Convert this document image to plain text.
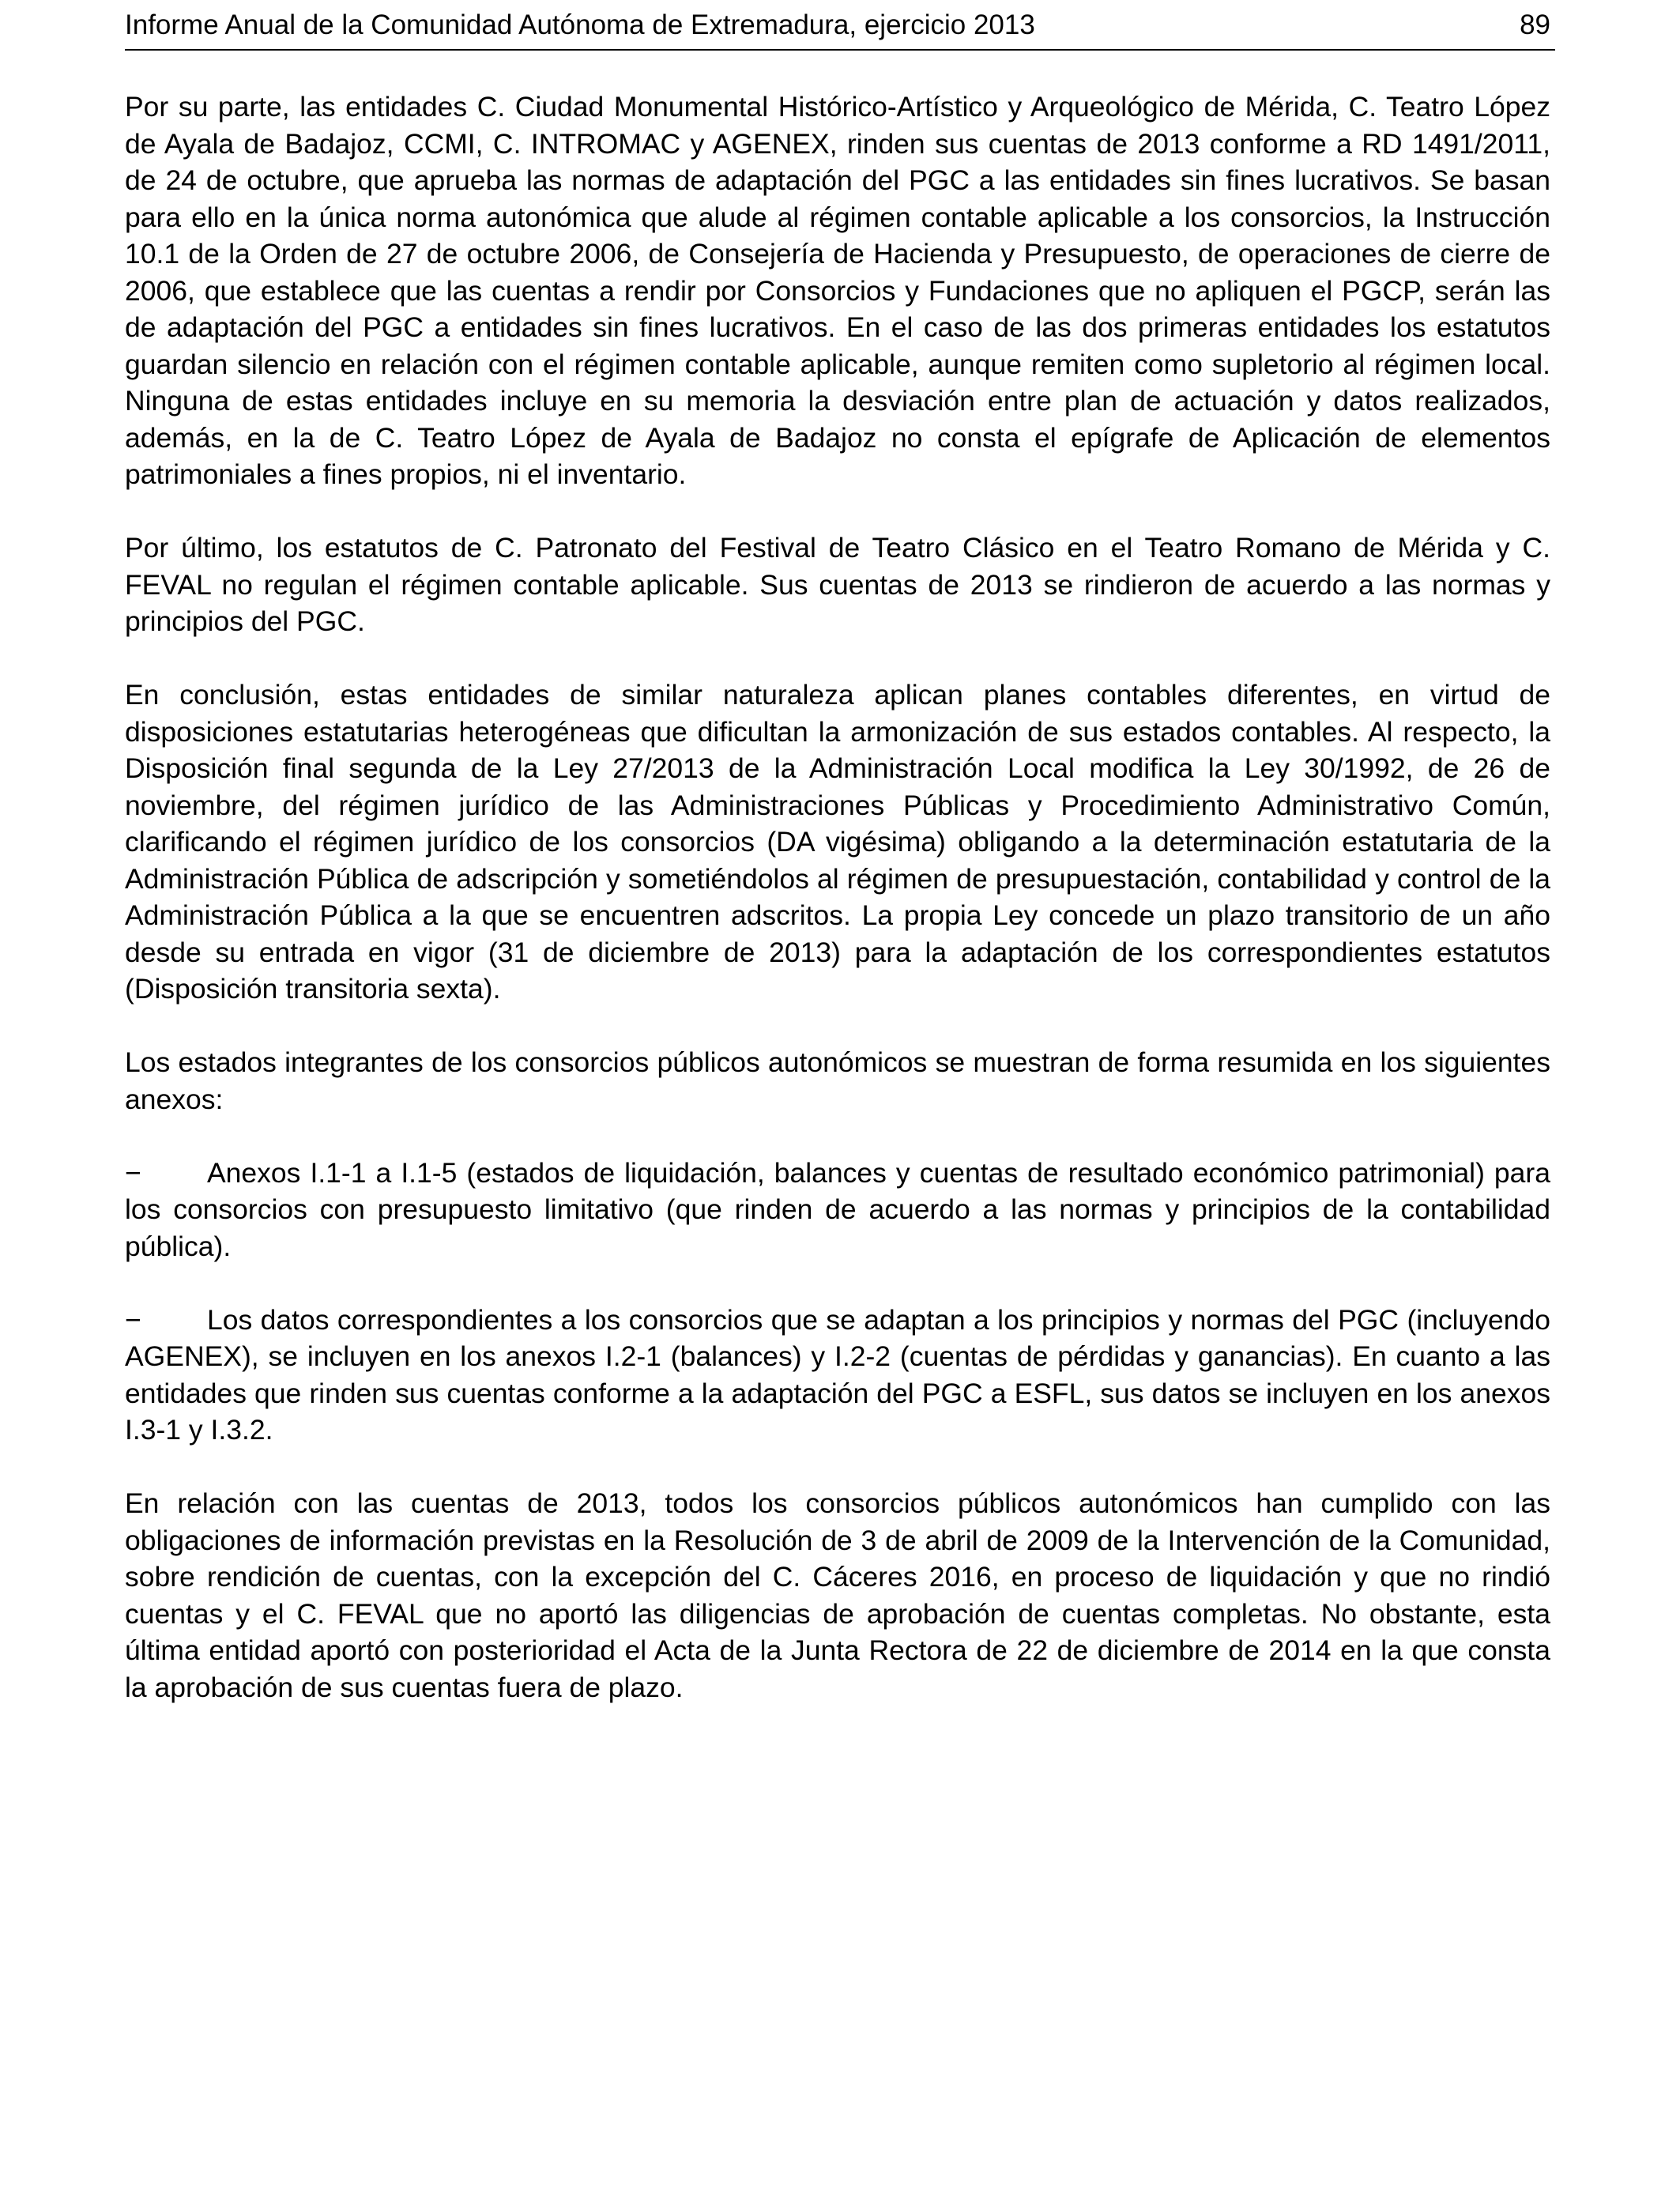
Informe Anual de la Comunidad Autónoma de Extremadura, ejercicio 2013	89

Por su parte, las entidades C. Ciudad Monumental Histórico-Artístico y Arqueológico de Mérida, C. Teatro López de Ayala de Badajoz, CCMI, C. INTROMAC y AGENEX, rinden sus cuentas de 2013 conforme a RD 1491/2011, de 24 de octubre, que aprueba las normas de adaptación del PGC a las entidades sin fines lucrativos. Se basan para ello en la única norma autonómica que alude al régimen contable aplicable a los consorcios, la Instrucción 10.1 de la Orden de 27 de octubre 2006, de Consejería de Hacienda y Presupuesto, de operaciones de cierre de 2006, que establece que las cuentas a rendir por Consorcios y Fundaciones que no apliquen el PGCP, serán las de adaptación del PGC a entidades sin fines lucrativos. En el caso de las dos primeras entidades los estatutos guardan silencio en relación con el régimen contable aplicable, aunque remiten como supletorio al régimen local. Ninguna de estas entidades incluye en su memoria la desviación entre plan de actuación y datos realizados, además, en la de C. Teatro López de Ayala de Badajoz no consta el epígrafe de Aplicación de elementos patrimoniales a fines propios, ni el inventario.

Por último, los estatutos de C. Patronato del Festival de Teatro Clásico en el Teatro Romano de Mérida y C. FEVAL no regulan el régimen contable aplicable. Sus cuentas de 2013 se rindieron de acuerdo a las normas y principios del PGC.

En conclusión, estas entidades de similar naturaleza aplican planes contables diferentes, en virtud de disposiciones estatutarias heterogéneas que dificultan la armonización de sus estados contables. Al respecto, la Disposición final segunda de la Ley 27/2013 de la Administración Local modifica la Ley 30/1992, de 26 de noviembre, del régimen jurídico de las Administraciones Públicas y Procedimiento Administrativo Común, clarificando el régimen jurídico de los consorcios (DA vigésima) obligando a la determinación estatutaria de la Administración Pública de adscripción y sometiéndolos al régimen de presupuestación, contabilidad y control de la Administración Pública a la que se encuentren adscritos. La propia Ley concede un plazo transitorio de un año desde su entrada en vigor (31 de diciembre de 2013) para la adaptación de los correspondientes estatutos (Disposición transitoria sexta).

Los estados integrantes de los consorcios públicos autonómicos se muestran de forma resumida en los siguientes anexos:

− Anexos I.1-1 a I.1-5 (estados de liquidación, balances y cuentas de resultado económico patrimonial) para los consorcios con presupuesto limitativo (que rinden de acuerdo a las normas y principios de la contabilidad pública).
− Los datos correspondientes a los consorcios que se adaptan a los principios y normas del PGC (incluyendo AGENEX), se incluyen en los anexos I.2-1 (balances) y I.2-2 (cuentas de pérdidas y ganancias). En cuanto a las entidades que rinden sus cuentas conforme a la adaptación del PGC a ESFL, sus datos se incluyen en los anexos I.3-1 y I.3.2.

En relación con las cuentas de 2013, todos los consorcios públicos autonómicos han cumplido con las obligaciones de información previstas en la Resolución de 3 de abril de 2009 de la Intervención de la Comunidad, sobre rendición de cuentas, con la excepción del C. Cáceres 2016, en proceso de liquidación y que no rindió cuentas y el C. FEVAL que no aportó las diligencias de aprobación de cuentas completas. No obstante, esta última entidad aportó con posterioridad el Acta de la Junta Rectora de 22 de diciembre de 2014 en la que consta la aprobación de sus cuentas fuera de plazo.
